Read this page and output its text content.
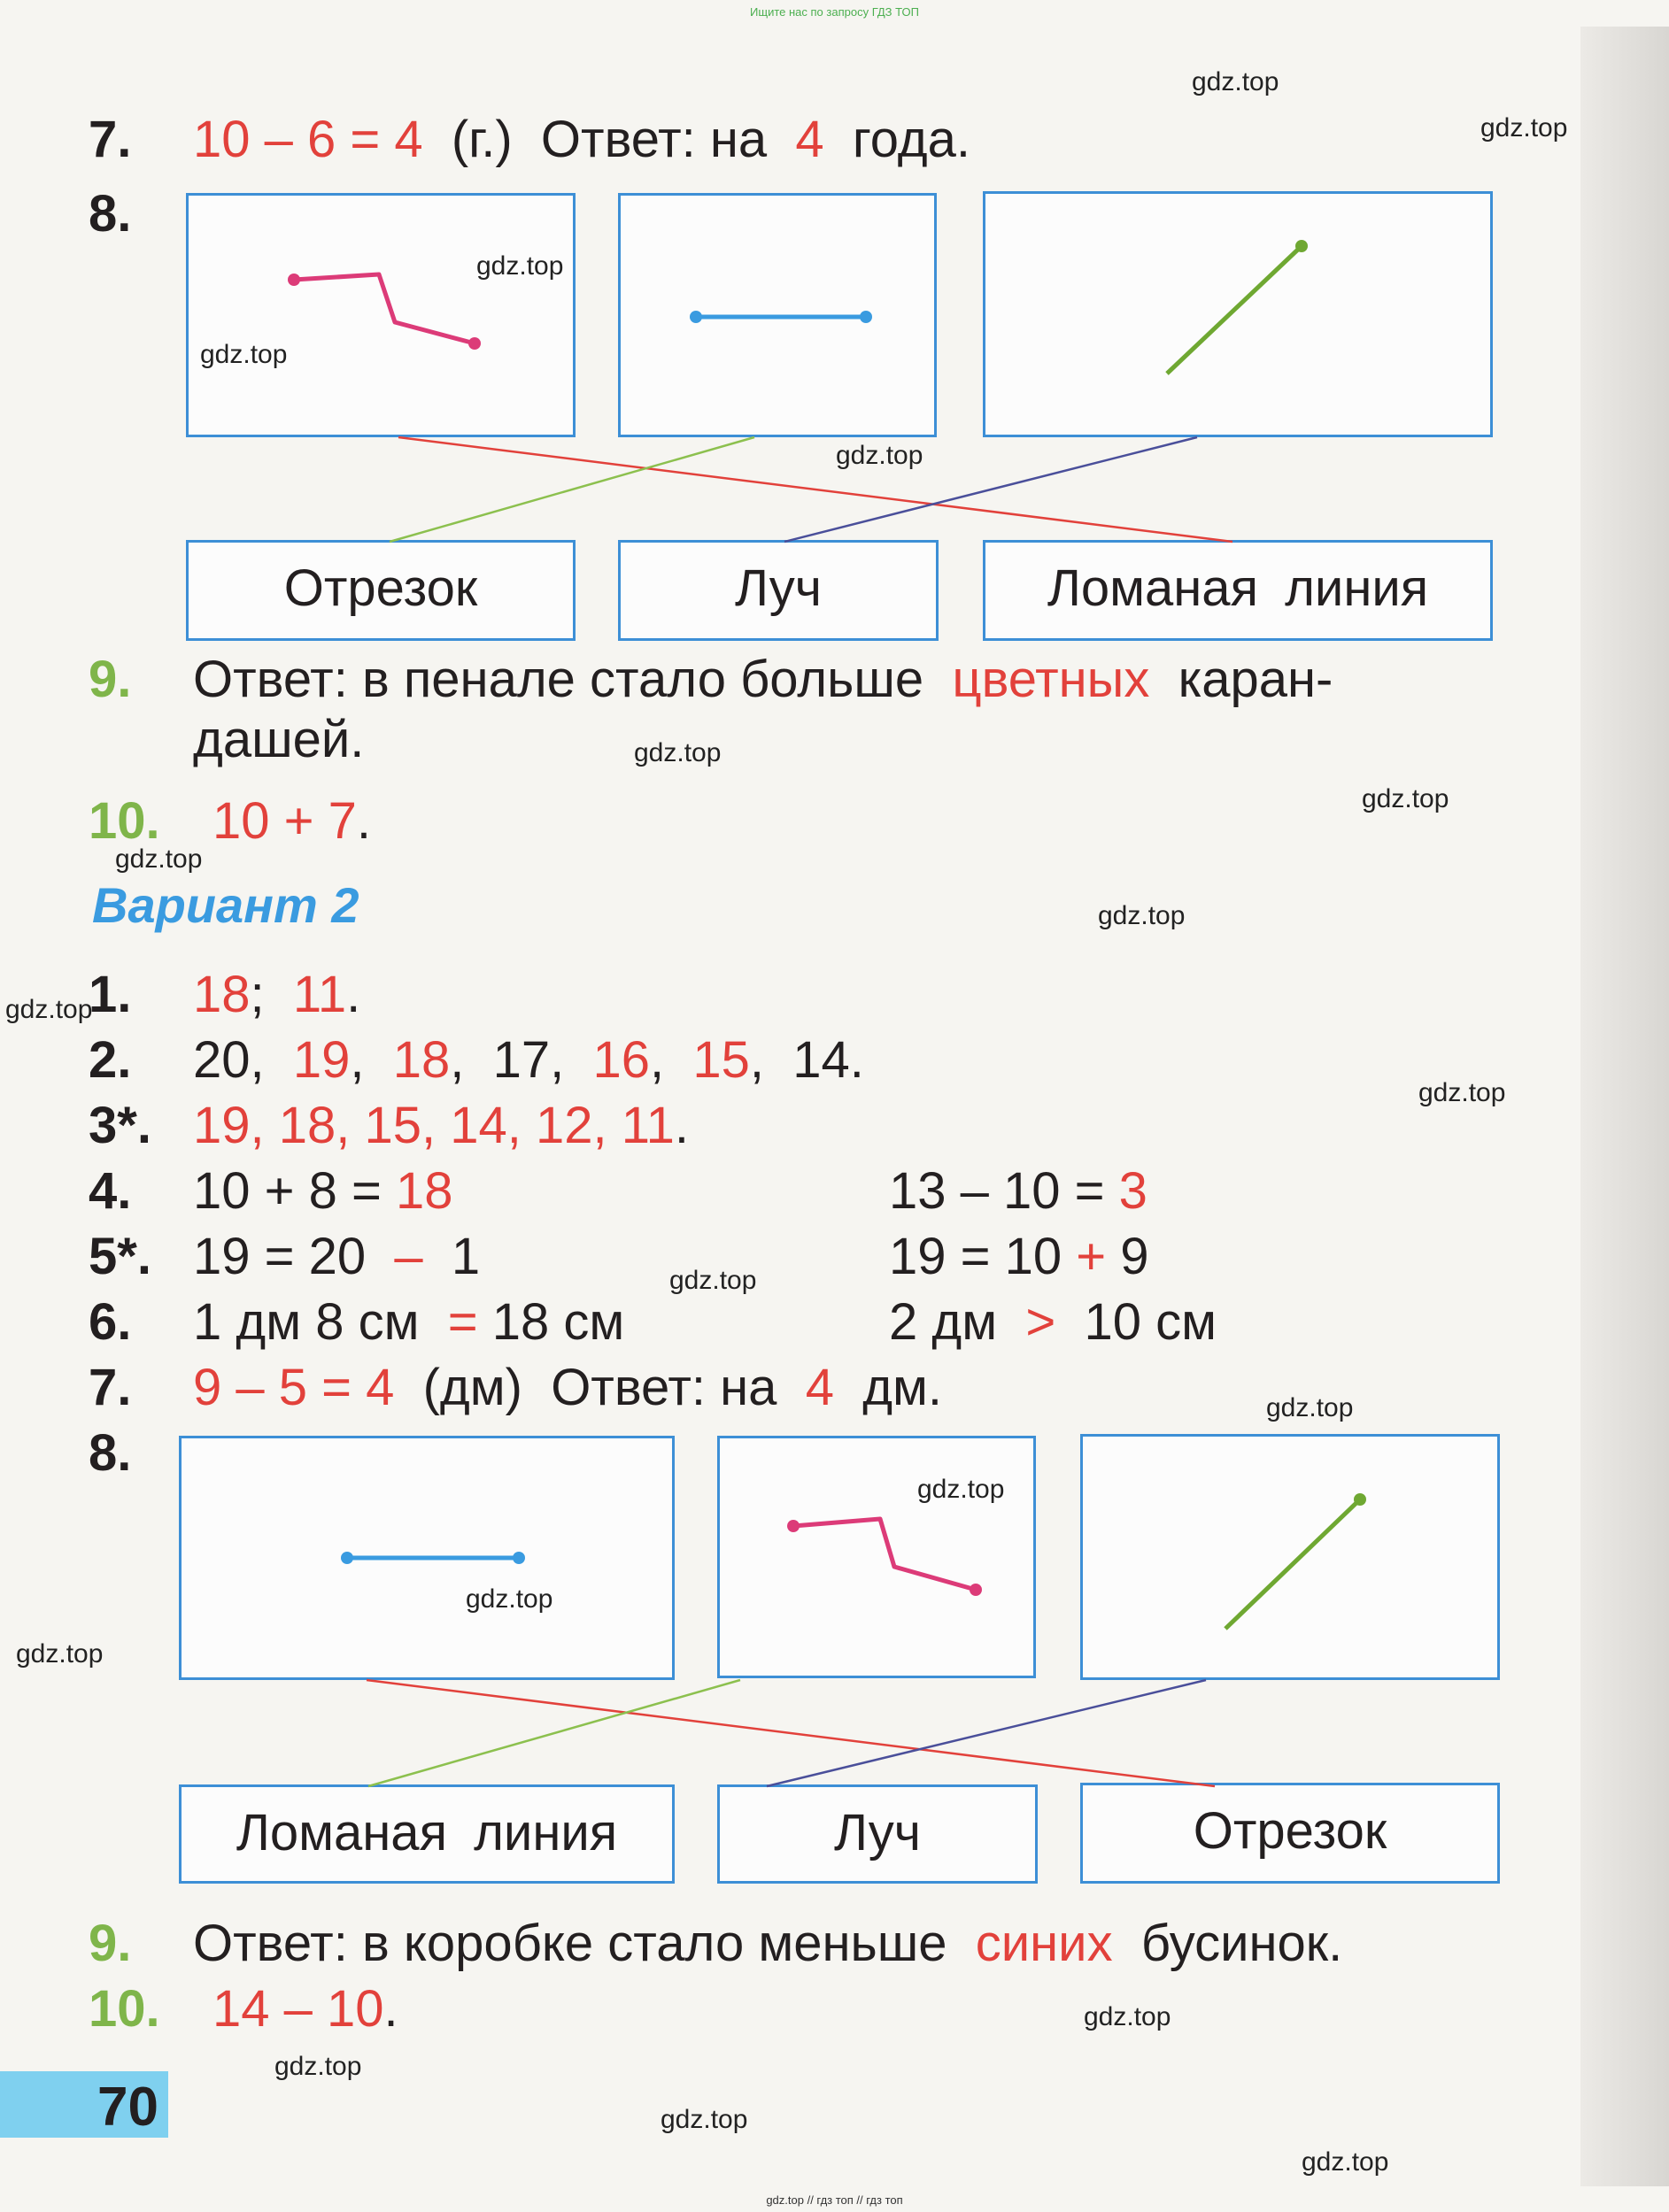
Ищите нас по запросу ГДЗ ТОП
7. 10 – 6 = 4 (г.) Ответ: на 4 года.
8.
Отрезок	Луч	Ломаная линия
9. Ответ: в пенале стало больше цветных каран-
дашей.
10. 10 + 7.
Вариант 2
1. 18; 11.
2. 20, 19, 18, 17, 16, 15, 14.
3*. 19, 18, 15, 14, 12, 11.
4. 10 + 8 = 18	13 – 10 = 3
5*. 19 = 20 – 1	19 = 10 + 9
6. 1 дм 8 см = 18 см	2 дм > 10 см
7. 9 – 5 = 4 (дм) Ответ: на 4 дм.
8.
Ломаная линия	Луч	Отрезок
9. Ответ: в коробке стало меньше синих бусинок.
10. 14 – 10.
70
gdz.top
gdz.top
gdz.top
gdz.top
gdz.top
gdz.top
gdz.top
gdz.top
gdz.top
gdz.top
gdz.top
gdz.top
gdz.top
gdz.top
gdz.top
gdz.top
gdz.top
gdz.top
gdz.top
gdz.top
gdz.top // гдз топ // гдз топ
